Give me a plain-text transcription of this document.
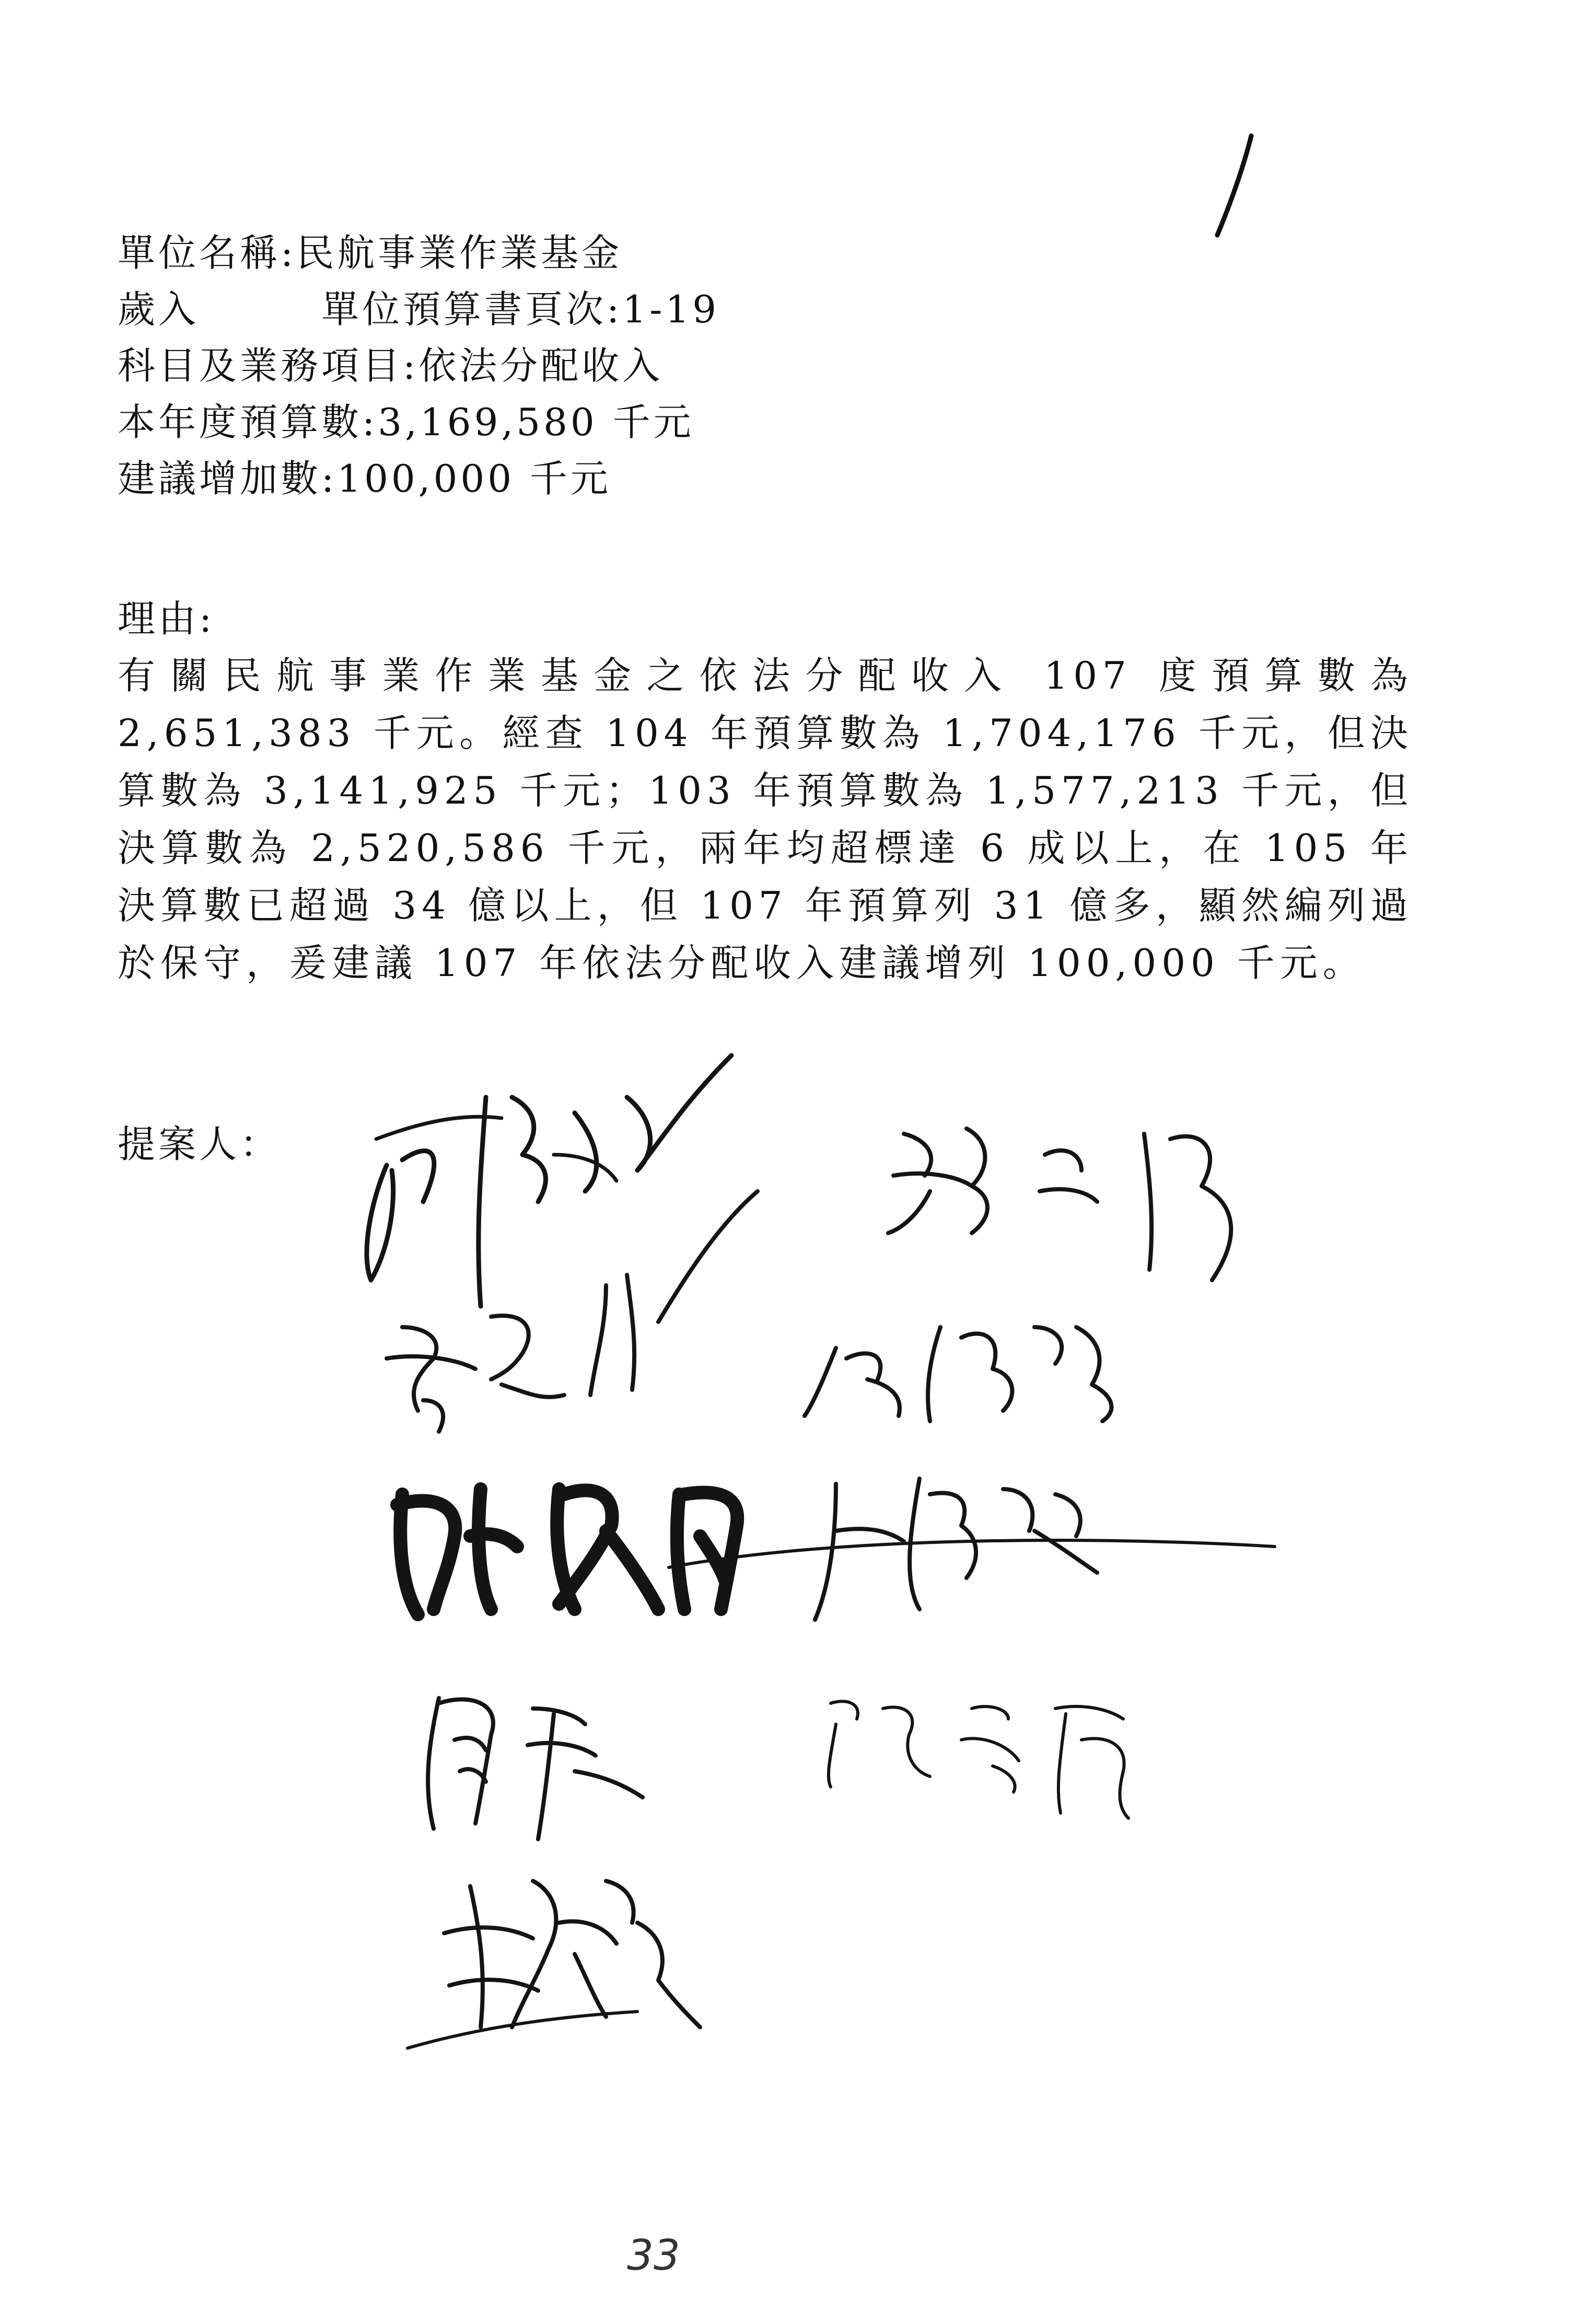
單位名稱:民航事業作業基金
歲入　　　單位預算書頁次:1-19
科目及業務項目:依法分配收入
本年度預算數:3,169,580 千元
建議增加數:100,000 千元
理由:
有關民航事業作業基金之依法分配收入 107 度預算數為 2,651,383 千元。經查 104 年預算數為 1,704,176 千元，但決算數為 3,141,925 千元；103 年預算數為 1,577,213 千元，但決算數為 2,520,586 千元，兩年均超標達 6 成以上，在 105 年決算數已超過 34 億以上，但 107 年預算列 31 億多，顯然編列過於保守，爰建議 107 年依法分配收入建議增列 100,000 千元。
提案人：
33
